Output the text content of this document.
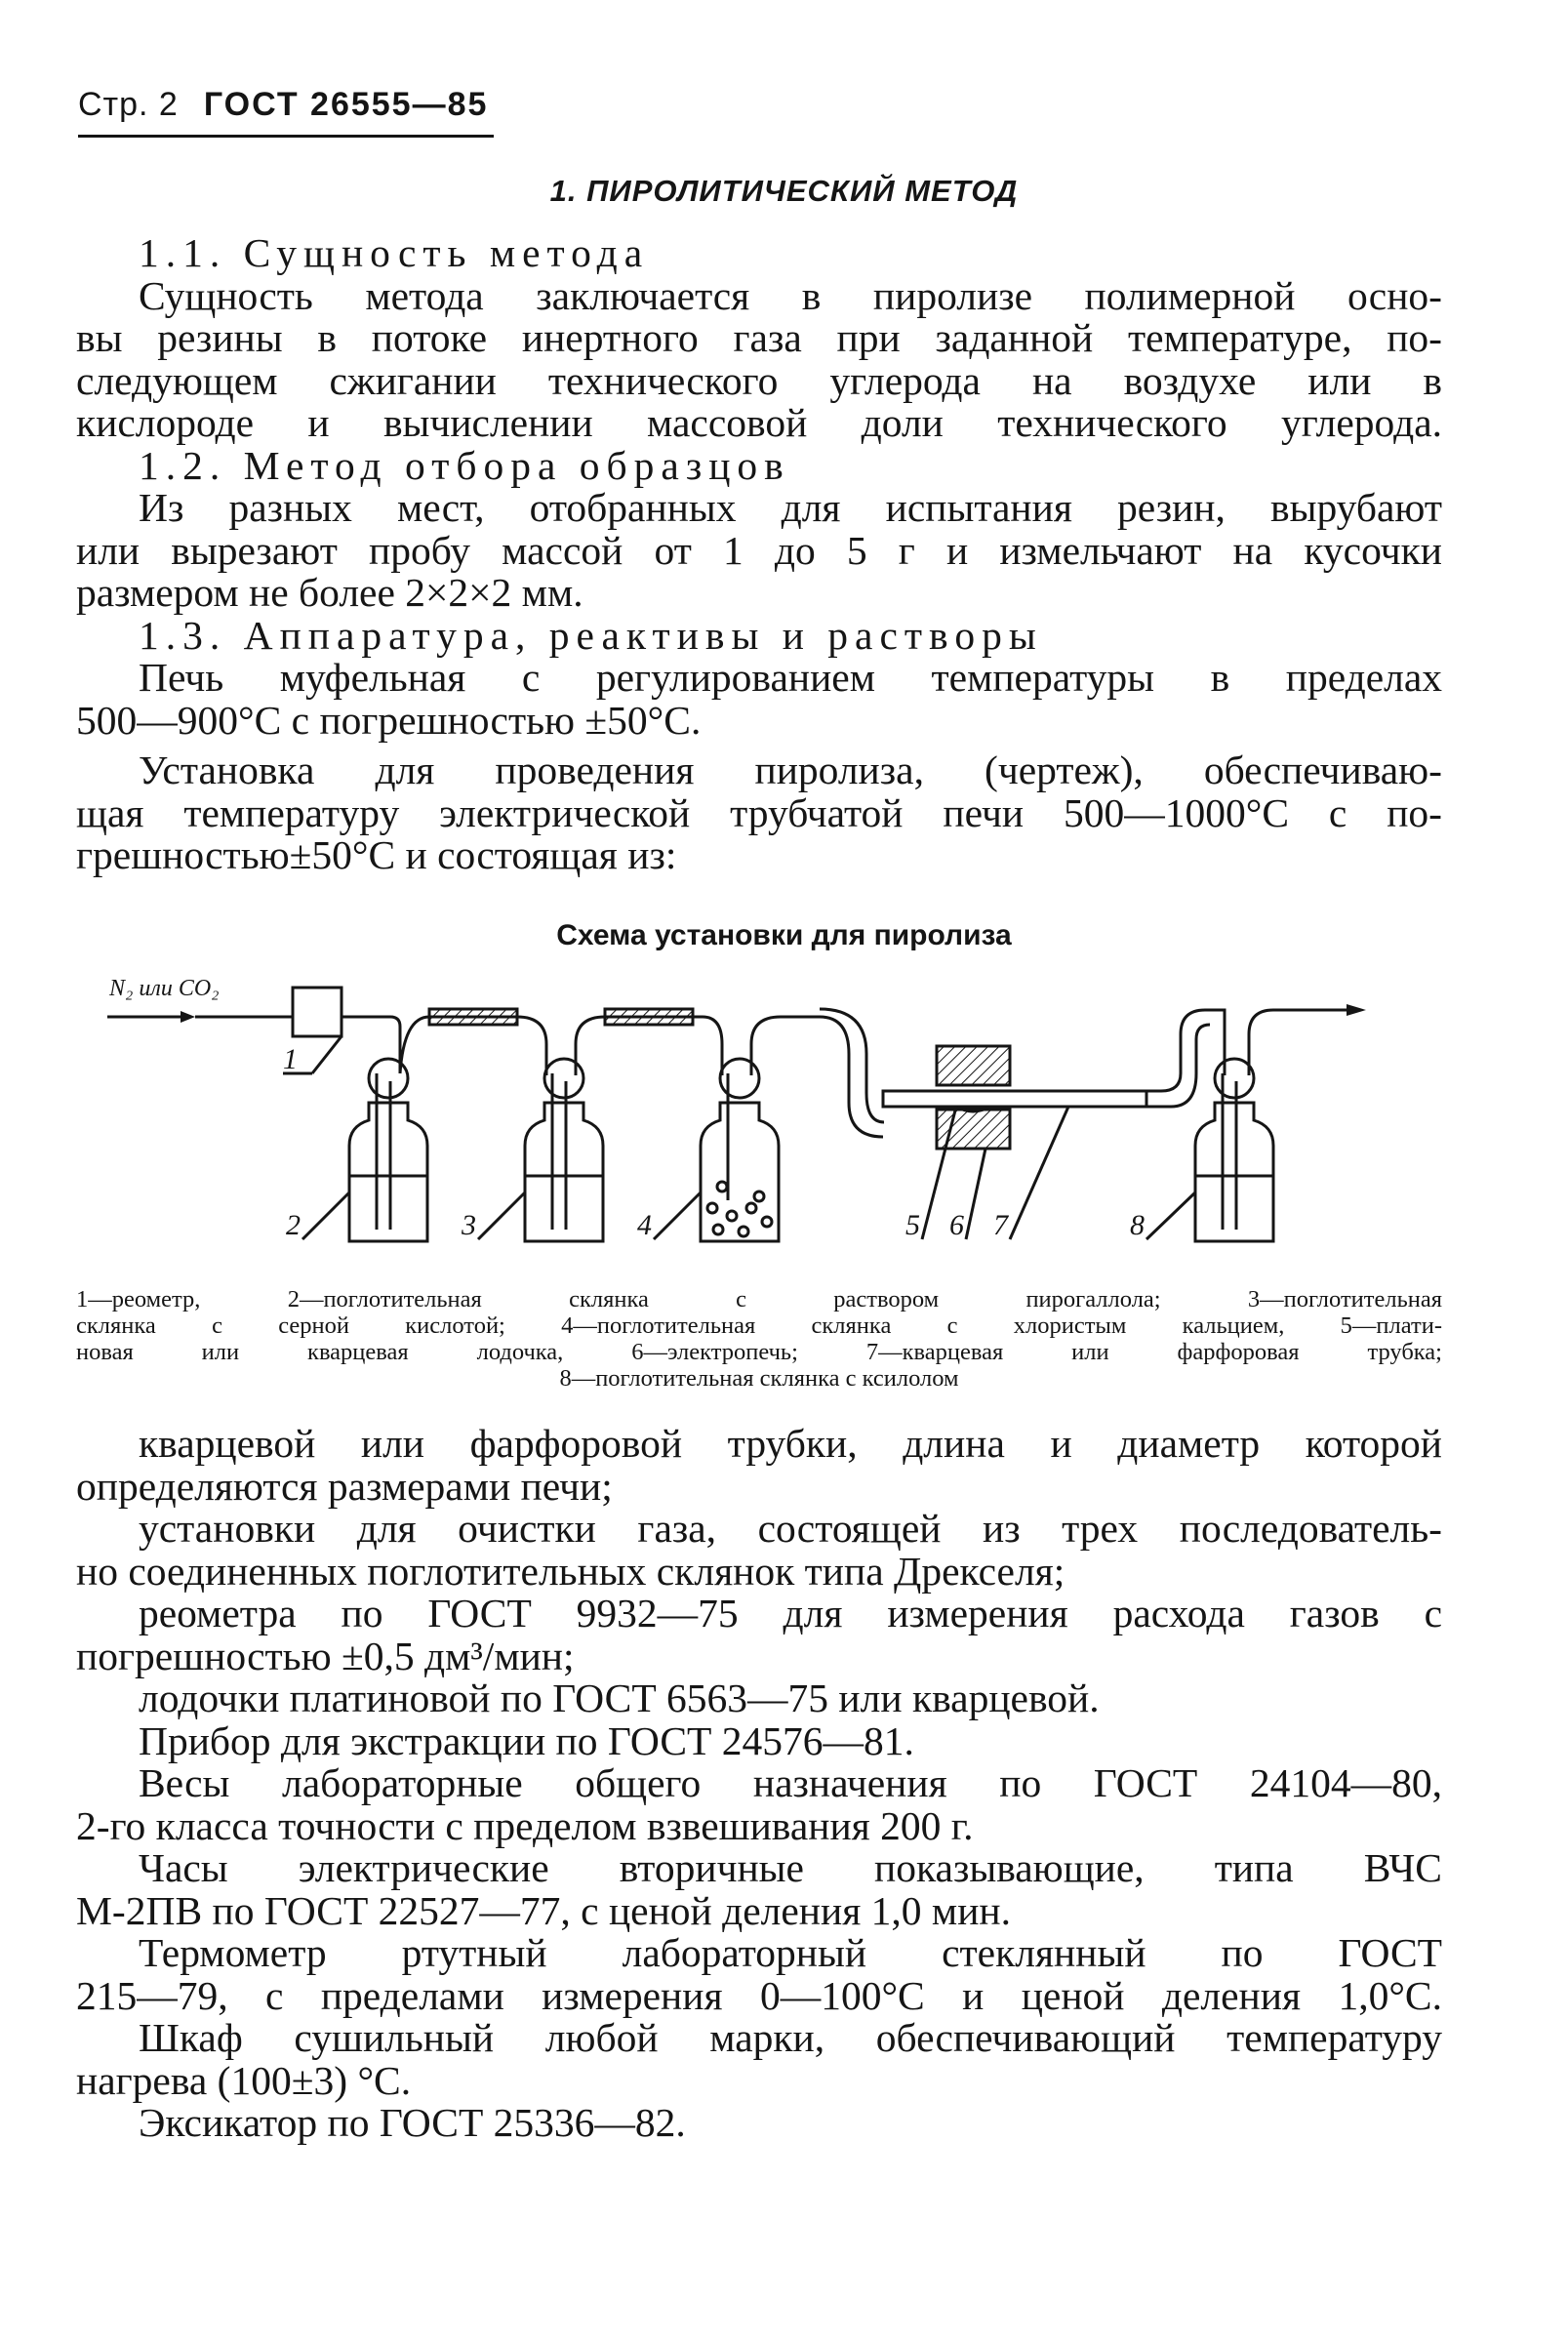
Стр. 2 ГОСТ 26555—85
1. ПИРОЛИТИЧЕСКИЙ МЕТОД
1.1. Сущность метода
Сущность метода заключается в пиролизе полимерной осно-
вы резины в потоке инертного газа при заданной температуре, по-
следующем сжигании технического углерода на воздухе или в
кислороде и вычислении массовой доли технического углерода.
1.2. Метод отбора образцов
Из разных мест, отобранных для испытания резин, вырубают
или вырезают пробу массой от 1 до 5 г и измельчают на кусочки
размером не более 2×2×2 мм.
1.3. Аппаратура, реактивы и растворы
Печь муфельная с регулированием температуры в пределах
500—900°С с погрешностью ±50°С.
Установка для проведения пиролиза, (чертеж), обеспечиваю-
щая температуру электрической трубчатой печи 500—1000°С с по-
грешностью±50°С и состоящая из:
Схема установки для пиролиза
N₂ или CO₂
1
2	3	4	5 6 7	8
1—реометр, 2—поглотительная склянка с раствором пирогаллола; 3—поглотительная
склянка с серной кислотой; 4—поглотительная склянка с хлористым кальцием, 5—плати-
новая или кварцевая лодочка, 6—электропечь; 7—кварцевая или фарфоровая трубка;
8—поглотительная склянка с ксилолом
кварцевой или фарфоровой трубки, длина и диаметр которой
определяются размерами печи;
установки для очистки газа, состоящей из трех последователь-
но соединенных поглотительных склянок типа Дрекселя;
реометра по ГОСТ 9932—75 для измерения расхода газов с
погрешностью ±0,5 дм³/мин;
лодочки платиновой по ГОСТ 6563—75 или кварцевой.
Прибор для экстракции по ГОСТ 24576—81.
Весы лабораторные общего назначения по ГОСТ 24104—80,
2-го класса точности с пределом взвешивания 200 г.
Часы электрические вторичные показывающие, типа ВЧС
М-2ПВ по ГОСТ 22527—77, с ценой деления 1,0 мин.
Термометр ртутный лабораторный стеклянный по ГОСТ
215—79, с пределами измерения 0—100°С и ценой деления 1,0°С.
Шкаф сушильный любой марки, обеспечивающий температуру
нагрева (100±3) °С.
Эксикатор по ГОСТ 25336—82.
